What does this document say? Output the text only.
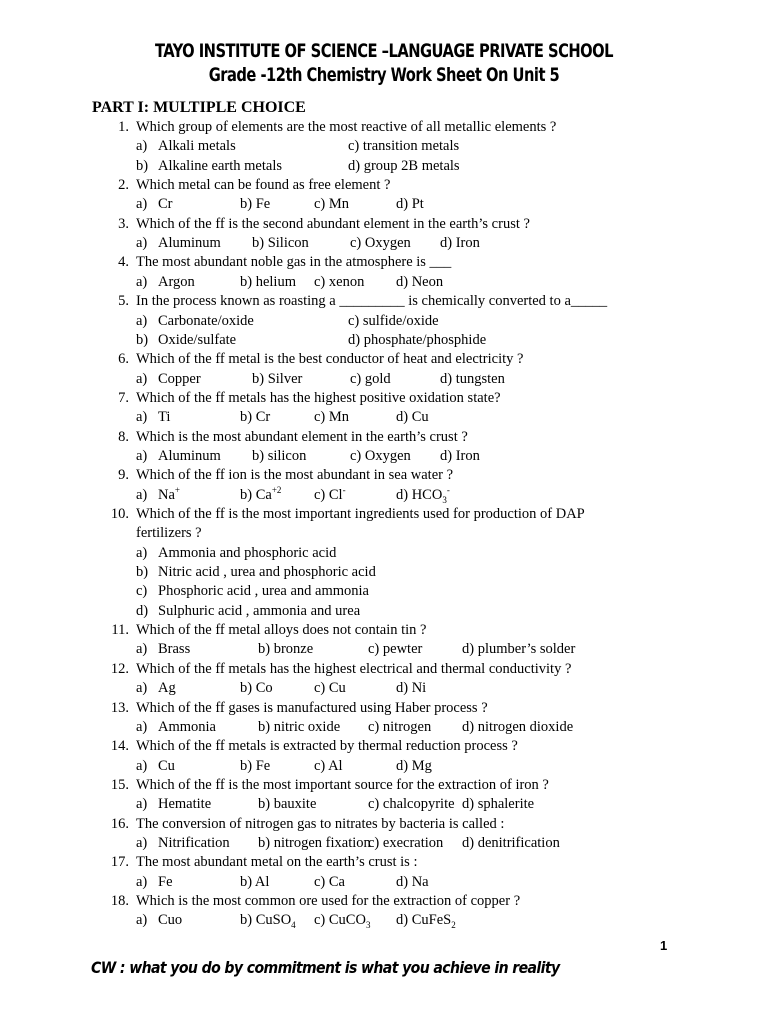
TAYO INSTITUTE OF SCIENCE –LANGUAGE PRIVATE SCHOOL
Grade -12th Chemistry Work Sheet On Unit 5
PART I: MULTIPLE CHOICE
1. Which group of elements are the most reactive of all metallic elements ?
a) Alkali metals	c) transition metals
b) Alkaline earth metals	d) group 2B metals
2. Which metal can be found as free element ?
a) Cr	b) Fe	c) Mn	d) Pt
3. Which of the ff is the second abundant element in the earth’s crust ?
a) Aluminum b) Silicon	c) Oxygen d) Iron
4. The most abundant noble gas in the atmosphere is ___
a) Argon	b) helium c) xenon d) Neon
5. In the process known as roasting a _________ is chemically converted to a_____
a) Carbonate/oxide	c) sulfide/oxide
b) Oxide/sulfate	d) phosphate/phosphide
6. Which of the ff metal is the best conductor of heat and electricity ?
a) Copper	b) Silver	c) gold	d) tungsten
7. Which of the ff metals has the highest positive oxidation state?
a) Ti	b) Cr	c) Mn	d) Cu
8. Which is the most abundant element in the earth’s crust ?
a) Aluminum b) silicon	c) Oxygen d) Iron
9. Which of the ff ion is the most abundant in sea water ?
a) Na+	b) $Ca^{+2}$ c) Cl-	d) $HCO_3^-$
10. Which of the ff is the most important ingredients used for production of DAP
fertilizers ?
a) Ammonia and phosphoric acid
b) Nitric acid , urea and phosphoric acid
c) Phosphoric acid , urea and ammonia
d) Sulphuric acid , ammonia and urea
11. Which of the ff metal alloys does not contain tin ?
a) Brass	b) bronze	c) pewter	d) plumber’s solder
12. Which of the ff metals has the highest electrical and thermal conductivity ?
a) Ag	b) Co	c) Cu	d) Ni
13. Which of the ff gases is manufactured using Haber process ?
a) Ammonia	b) nitric oxide c) nitrogen d) nitrogen dioxide
14. Which of the ff metals is extracted by thermal reduction process ?
a) Cu	b) Fe	c) Al	d) Mg
15. Which of the ff is the most important source for the extraction of iron ?
a) Hematite	b) bauxite	c) chalcopyrite d) sphalerite
16. The conversion of nitrogen gas to nitrates by bacteria is called :
a) Nitrification b) nitrogen fixation
c) execration d) denitrification
17. The most abundant metal on the earth’s crust is :
a) Fe	b) Al	c) Ca	d) Na
18. Which is the most common ore used for the extraction of copper ?
a) Cuo	b) CuSO$_4$ c) CuCO$_3$ d) CuFeS$_2$
1
CW : what you do by commitment is what you achieve in reality
